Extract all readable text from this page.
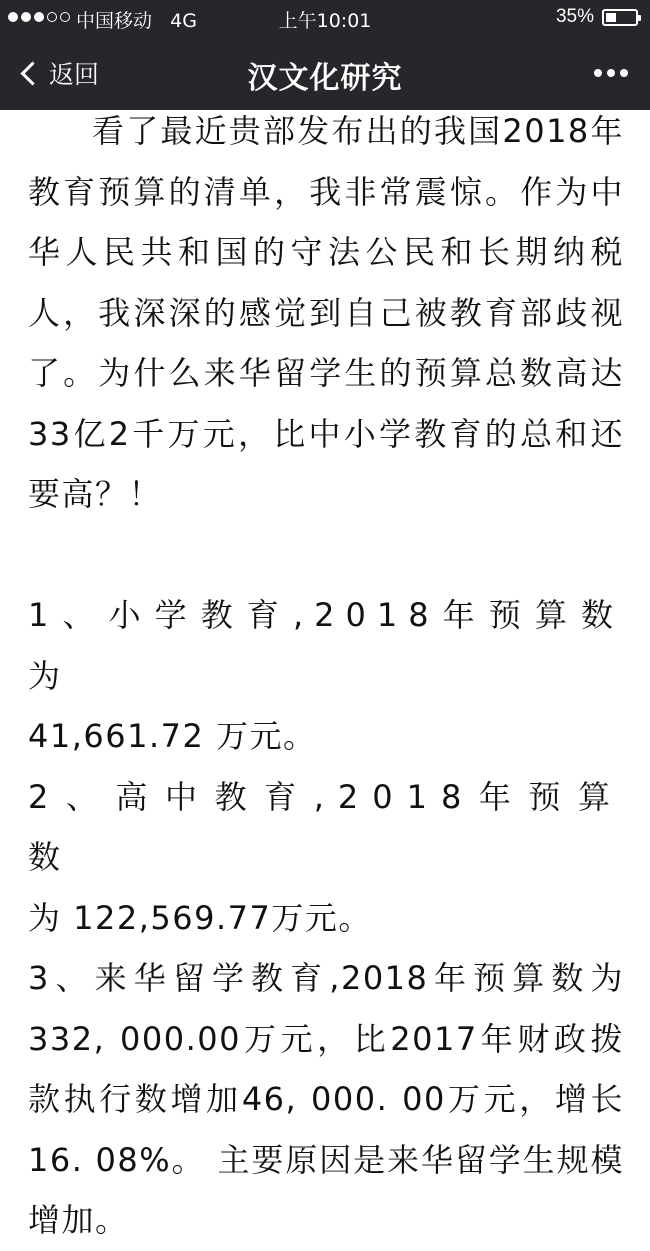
中国移动 4G	上午10:01	35%
返回	汉文化研究

看了最近贵部发布出的我国2018年教育预算的清单，我非常震惊。作为中华人民共和国的守法公民和长期纳税人，我深深的感觉到自己被教育部歧视了。为什么来华留学生的预算总数高达33亿2千万元，比中小学教育的总和还要高？！

1、小学教育,2018年预算数为

41,661.72 万元。

2、高中教育,2018年预算数

为 122,569.77万元。

3、来华留学教育,2018年预算数为332, 000.00万元，比2017年财政拨款执行数增加46, 000. 00万元，增长16. 08%。 主要原因是来华留学生规模增加。
